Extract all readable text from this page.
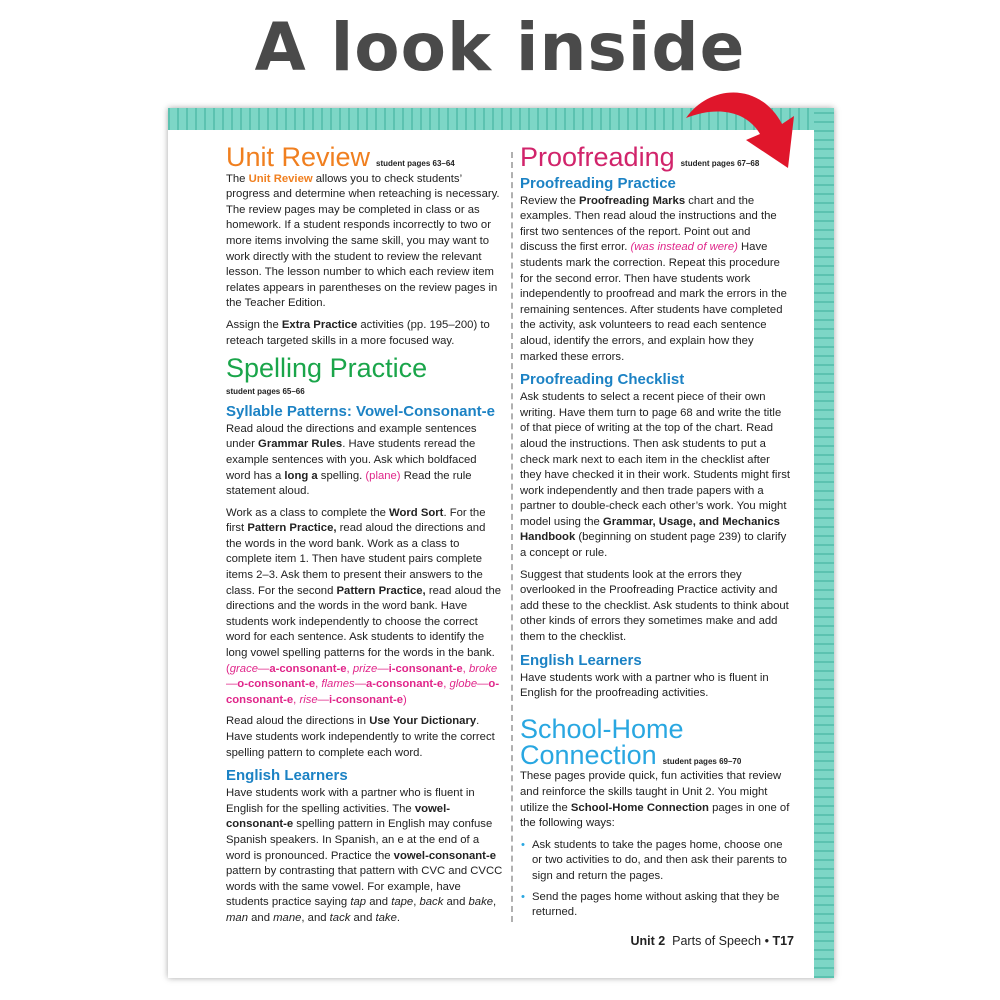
A look inside
Unit Review student pages 63–64

The Unit Review allows you to check students’ progress and determine when reteaching is necessary. The review pages may be completed in class or as homework. If a student responds incorrectly to two or more items involving the same skill, you may want to work directly with the student to review the relevant lesson. The lesson number to which each review item relates appears in parentheses on the review pages in the Teacher Edition.

Assign the Extra Practice activities (pp. 195–200) to reteach targeted skills in a more focused way.

Spelling Practice
student pages 65–66
Syllable Patterns: Vowel-Consonant-e

Read aloud the directions and example sentences under Grammar Rules. Have students reread the example sentences with you. Ask which boldfaced word has a long a spelling. (plane) Read the rule statement aloud.

Work as a class to complete the Word Sort. For the first Pattern Practice, read aloud the directions and the words in the word bank. Work as a class to complete item 1. Then have student pairs complete items 2–3. Ask them to present their answers to the class. For the second Pattern Practice, read aloud the directions and the words in the word bank. Have students work independently to choose the correct word for each sentence. Ask students to identify the long vowel spelling patterns for the words in the bank. (grace—a-consonant-e, prize—i-consonant-e, broke—o-consonant-e, flames—a-consonant-e, globe—o-consonant-e, rise—i-consonant-e)

Read aloud the directions in Use Your Dictionary. Have students work independently to write the correct spelling pattern to complete each word.

English Learners

Have students work with a partner who is fluent in English for the spelling activities. The vowel-consonant-e spelling pattern in English may confuse Spanish speakers. In Spanish, an e at the end of a word is pronounced. Practice the vowel-consonant-e pattern by contrasting that pattern with CVC and CVCC words with the same vowel. For example, have students practice saying tap and tape, back and bake, man and mane, and tack and take.

Proofreading student pages 67–68
Proofreading Practice

Review the Proofreading Marks chart and the examples. Then read aloud the instructions and the first two sentences of the report. Point out and discuss the first error. (was instead of were) Have students mark the correction. Repeat this procedure for the second error. Then have students work independently to proofread and mark the errors in the remaining sentences. After students have completed the activity, ask volunteers to read each sentence aloud, identify the errors, and explain how they marked these errors.

Proofreading Checklist

Ask students to select a recent piece of their own writing. Have them turn to page 68 and write the title of that piece of writing at the top of the chart. Read aloud the instructions. Then ask students to put a check mark next to each item in the checklist after they have checked it in their work. Students might first work independently and then trade papers with a partner to double-check each other’s work. You might model using the Grammar, Usage, and Mechanics Handbook (beginning on student page 239) to clarify a concept or rule.

Suggest that students look at the errors they overlooked in the Proofreading Practice activity and add these to the checklist. Ask students to think about other kinds of errors they sometimes make and add them to the checklist.

English Learners

Have students work with a partner who is fluent in English for the proofreading activities.

School-Home
Connection student pages 69–70

These pages provide quick, fun activities that review and reinforce the skills taught in Unit 2. You might utilize the School-Home Connection pages in one of the following ways:

• Ask students to take the pages home, choose one or two activities to do, and then ask their parents to sign and return the pages.
• Send the pages home without asking that they be returned.
Unit 2 Parts of Speech • T17
